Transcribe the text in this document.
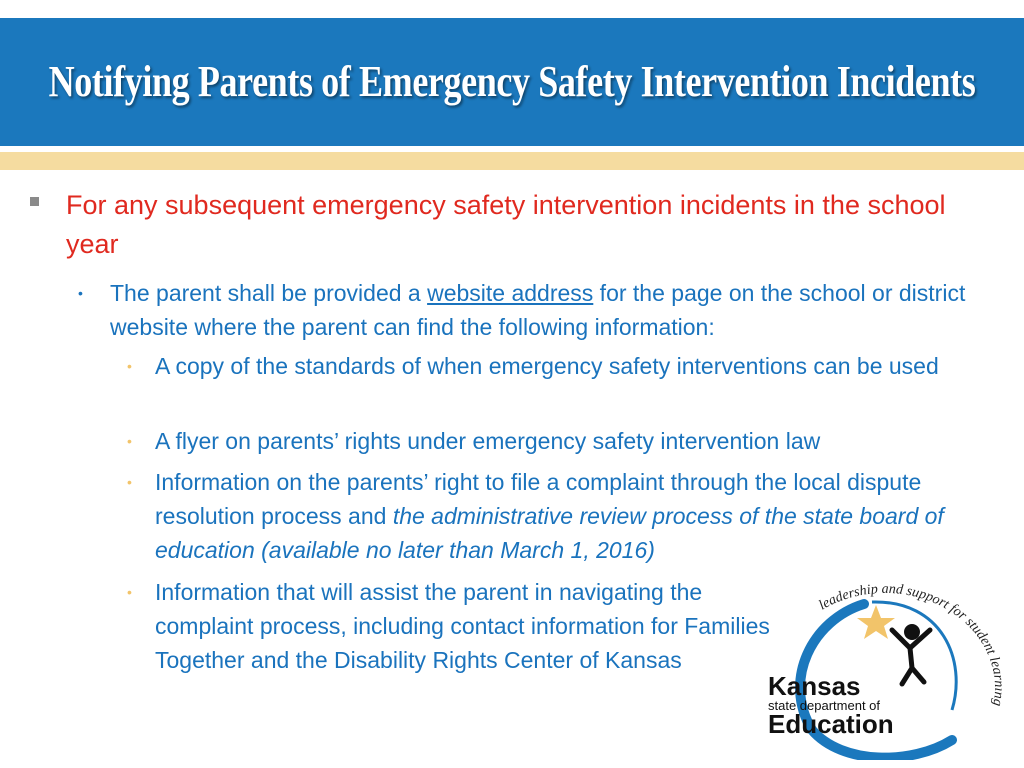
Notifying Parents of Emergency Safety Intervention Incidents
For any subsequent emergency safety intervention incidents in the school year
• The parent shall be provided a website address for the page on the school or district website where the parent can find the following information:
• A copy of the standards of when emergency safety interventions can be used
• A flyer on parents’ rights under emergency safety intervention law
• Information on the parents’ right to file a complaint through the local dispute resolution process and the administrative review process of the state board of education (available no later than March 1, 2016)
• Information that will assist the parent in navigating the complaint process, including contact information for Families Together and the Disability Rights Center of Kansas
leadership and support for student le
Kansas
state department of
Education
